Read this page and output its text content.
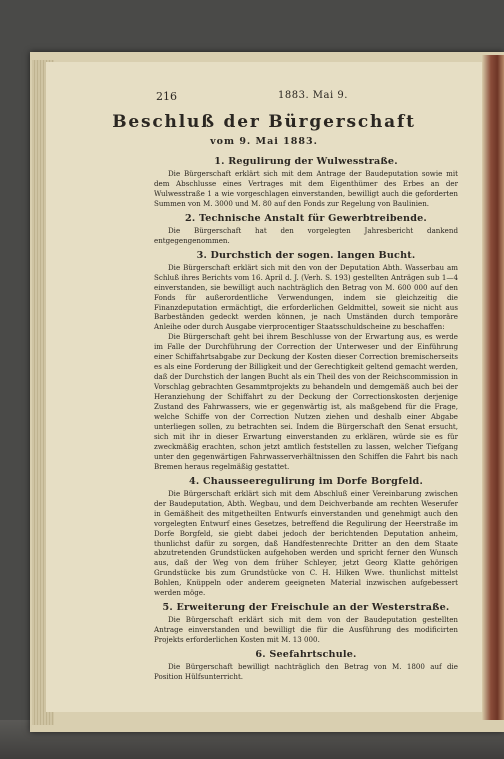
216	1883. Mai 9.
Beschluß der Bürgerschaft
vom 9. Mai 1883.
1. Regulirung der Wulwesstraße.

Die Bürgerschaft erklärt sich mit dem Antrage der Baudeputation sowie mit dem Abschlusse eines Vertrages mit dem Eigenthümer des Erbes an der Wulwesstraße 1 a wie vorgeschlagen einverstanden, bewilligt auch die geforderten Summen von M. 3000 und M. 80 auf den Fonds zur Regelung von Baulinien.

2. Technische Anstalt für Gewerbtreibende.

Die Bürgerschaft hat den vorgelegten Jahresbericht dankend entgegengenommen.

3. Durchstich der sogen. langen Bucht.

Die Bürgerschaft erklärt sich mit den von der Deputation Abth. Wasserbau am Schluß ihres Berichts vom 16. April d. J. (Verh. S. 193) gestellten Anträgen sub 1—4 einverstanden, sie bewilligt auch nachträglich den Betrag von M. 600 000 auf den Fonds für außerordentliche Verwendungen, indem sie gleichzeitig die Finanzdeputation ermächtigt, die erforderlichen Geldmittel, soweit sie nicht aus Barbeständen gedeckt werden können, je nach Umständen durch temporäre Anleihe oder durch Ausgabe vierprocentiger Staatsschuldscheine zu beschaffen:

Die Bürgerschaft geht bei ihrem Beschlusse von der Erwartung aus, es werde im Falle der Durchführung der Correction der Unterweser und der Einführung einer Schiffahrtsabgabe zur Deckung der Kosten dieser Correction bremischerseits es als eine Forderung der Billigkeit und der Gerechtigkeit geltend gemacht werden, daß der Durchstich der langen Bucht als ein Theil des von der Reichscommission in Vorschlag gebrachten Gesammtprojekts zu behandeln und demgemäß auch bei der Heranziehung der Schiffahrt zu der Deckung der Correctionskosten derjenige Zustand des Fahrwassers, wie er gegenwärtig ist, als maßgebend für die Frage, welche Schiffe von der Correction Nutzen ziehen und deshalb einer Abgabe unterliegen sollen, zu betrachten sei. Indem die Bürgerschaft den Senat ersucht, sich mit ihr in dieser Erwartung einverstanden zu erklären, würde sie es für zweckmäßig erachten, schon jetzt amtlich feststellen zu lassen, welcher Tiefgang unter den gegenwärtigen Fahrwasserverhältnissen den Schiffen die Fahrt bis nach Bremen heraus regelmäßig gestattet.

4. Chausseeregulirung im Dorfe Borgfeld.

Die Bürgerschaft erklärt sich mit dem Abschluß einer Vereinbarung zwischen der Baudeputation, Abth. Wegbau, und dem Deichverbande am rechten Weserufer in Gemäßheit des mitgetheilten Entwurfs einverstanden und genehmigt auch den vorgelegten Entwurf eines Gesetzes, betreffend die Regulirung der Heerstraße im Dorfe Borgfeld, sie giebt dabei jedoch der berichtenden Deputation anheim, thunlichst dafür zu sorgen, daß Handfestenrechte Dritter an den dem Staate abzutretenden Grundstücken aufgehoben werden und spricht ferner den Wunsch aus, daß der Weg von dem früher Schleyer, jetzt Georg Klatte gehörigen Grundstücke bis zum Grundstücke von C. H. Hilken Wwe. thunlichst mittelst Bohlen, Knüppeln oder anderem geeigneten Material inzwischen aufgebessert werden möge.

5. Erweiterung der Freischule an der Westerstraße.

Die Bürgerschaft erklärt sich mit dem von der Baudeputation gestellten Antrage einverstanden und bewilligt die für die Ausführung des modificirten Projekts erforderlichen Kosten mit M. 13 000.

6. Seefahrtschule.

Die Bürgerschaft bewilligt nachträglich den Betrag von M. 1800 auf die Position Hülfsunterricht.
